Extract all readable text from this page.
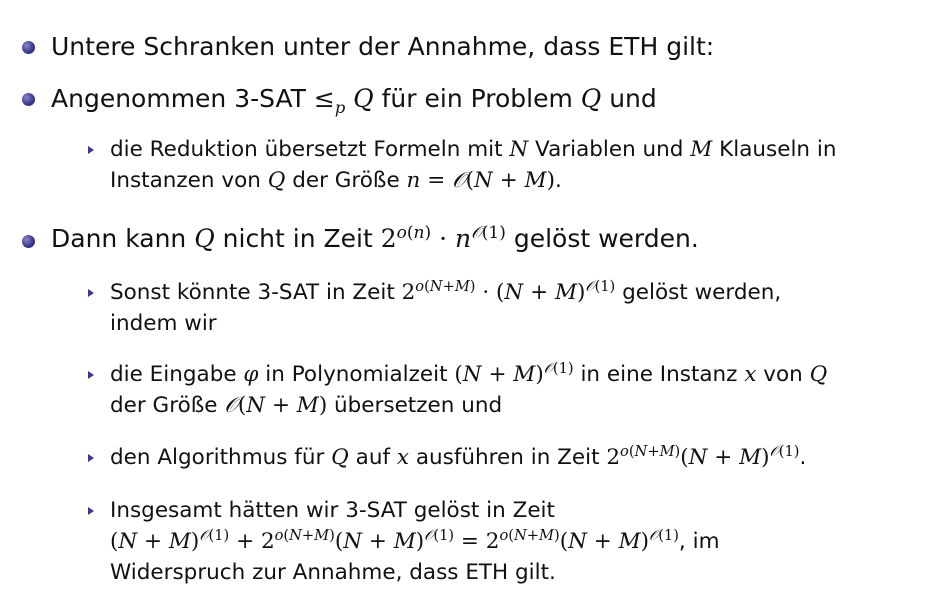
Untere Schranken unter der Annahme, dass ETH gilt:
Angenommen $3-SAT \le_p$ Q für ein Problem Q und
die Reduktion übersetzt Formeln mit N Variablen und M Klauseln in
Instanzen von Q der Größe n = 𝒪(N + M).
Dann kann Q nicht in Zeit $2^{o(n)} \cdot n^{𝒪(1)}$ gelöst werden.
Sonst könnte 3-SAT in Zeit $2^{o(N+M)} \cdot (N + M)^{𝒪(1)}$ gelöst werden,
indem wir
die Eingabe φ in Polynomialzeit $(N + M)^{𝒪(1)}$ in eine Instanz x von Q
der Größe 𝒪(N + M) übersetzen und
den Algorithmus für Q auf x ausführen in Zeit $2^{o(N+M)}(N + M)^{𝒪(1)}$.
Insgesamt hätten wir 3-SAT gelöst in Zeit
$(N + M)^{𝒪(1)} + 2^{o(N+M)}(N + M)^{𝒪(1)} = 2^{o(N+M)}(N + M)^{𝒪(1)}$, im
Widerspruch zur Annahme, dass ETH gilt.
